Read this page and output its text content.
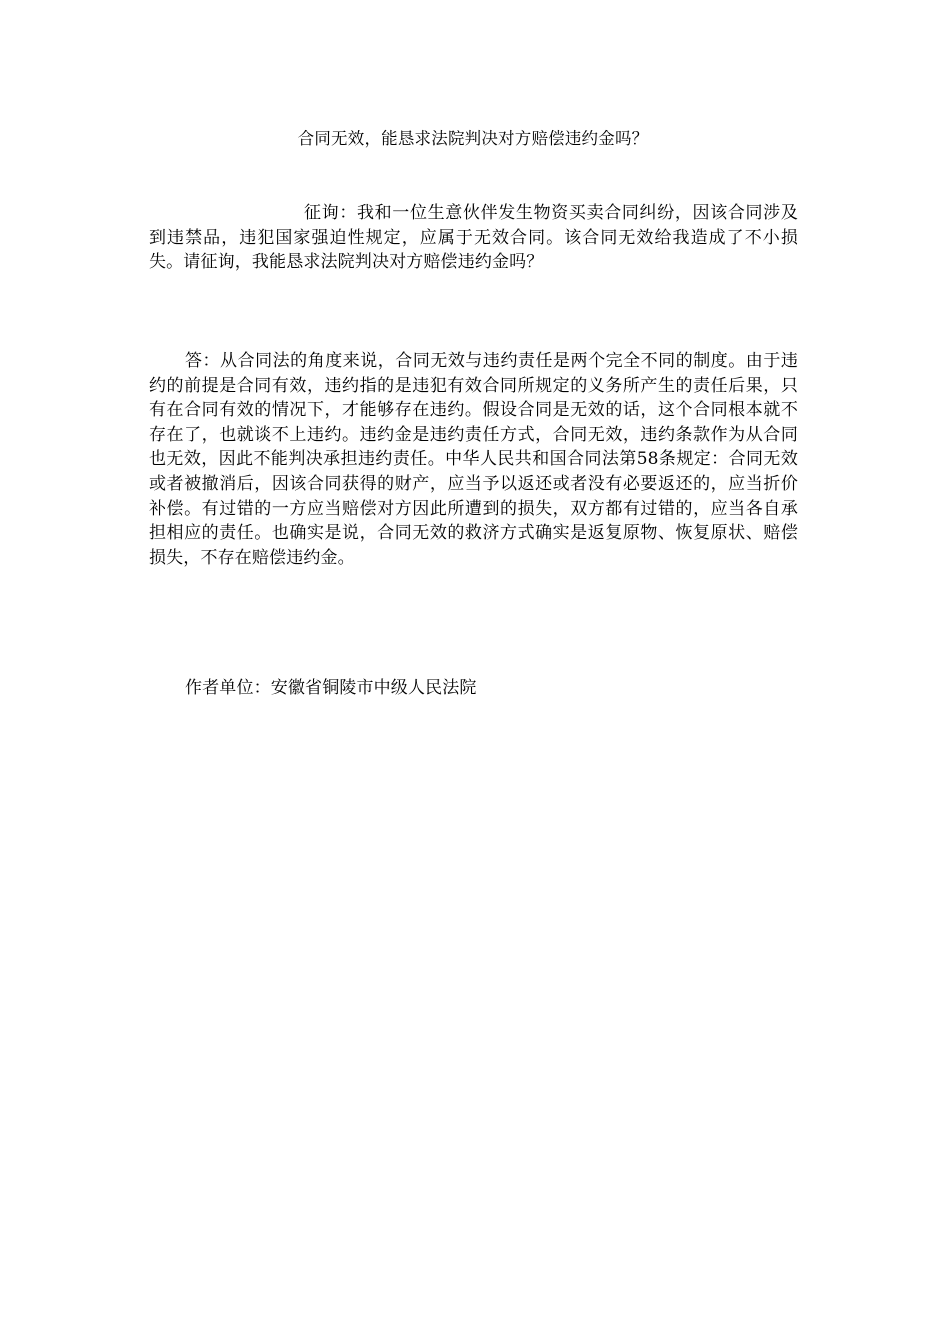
合同无效，能恳求法院判决对方赔偿违约金吗？
征询：我和一位生意伙伴发生物资买卖合同纠纷，因该合同涉及到违禁品，违犯国家强迫性规定，应属于无效合同。该合同无效给我造成了不小损失。请征询，我能恳求法院判决对方赔偿违约金吗？
答：从合同法的角度来说，合同无效与违约责任是两个完全不同的制度。由于违约的前提是合同有效，违约指的是违犯有效合同所规定的义务所产生的责任后果，只有在合同有效的情况下，才能够存在违约。假设合同是无效的话，这个合同根本就不存在了，也就谈不上违约。违约金是违约责任方式，合同无效，违约条款作为从合同也无效，因此不能判决承担违约责任。中华人民共和国合同法第58条规定：合同无效或者被撤消后，因该合同获得的财产，应当予以返还或者没有必要返还的，应当折价补偿。有过错的一方应当赔偿对方因此所遭到的损失，双方都有过错的，应当各自承担相应的责任。也确实是说，合同无效的救济方式确实是返复原物、恢复原状、赔偿损失，不存在赔偿违约金。
作者单位：安徽省铜陵市中级人民法院
